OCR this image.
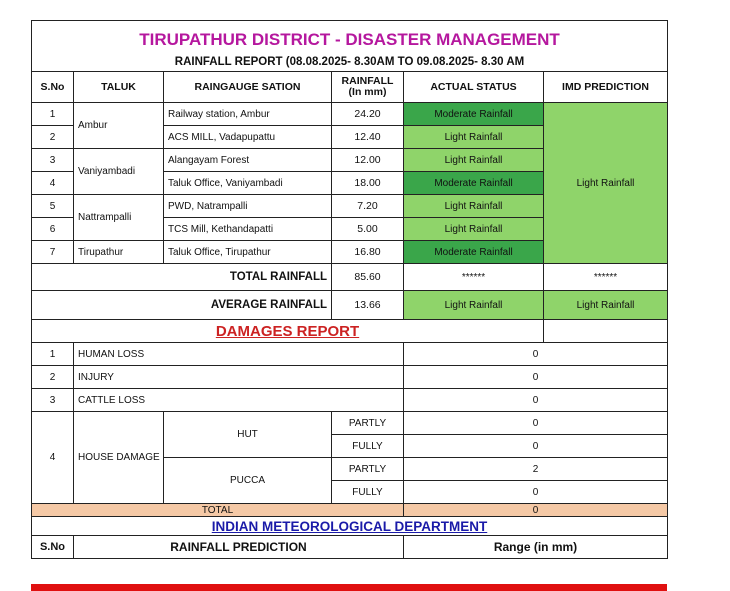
TIRUPATHUR DISTRICT - DISASTER MANAGEMENT					
RAINFALL REPORT (08.08.2025- 8.30AM TO 09.08.2025- 8.30 AM					
S.No	TALUK	RAINGAUGE SATION	RAINFALL (In mm)	ACTUAL STATUS	IMD PREDICTION
1	Ambur	Railway station, Ambur	24.20	Moderate Rainfall	Light Rainfall
2		ACS MILL, Vadapupattu	12.40	Light Rainfall	
3	Vaniyambadi	Alangayam Forest	12.00	Light Rainfall	
4		Taluk Office, Vaniyambadi	18.00	Moderate Rainfall	
5	Nattrampalli	PWD, Natrampalli	7.20	Light Rainfall	
6		TCS Mill, Kethandapatti	5.00	Light Rainfall	
7	Tirupathur	Taluk Office, Tirupathur	16.80	Moderate Rainfall	
TOTAL RAINFALL			85.60	******	******
AVERAGE RAINFALL			13.66	Light Rainfall	Light Rainfall
DAMAGES REPORT					
1	HUMAN LOSS			0	
2	INJURY			0	
3	CATTLE LOSS			0	
4	HOUSE DAMAGE	HUT	PARTLY	0	
			FULLY	0	
		PUCCA	PARTLY	2	
			FULLY	0	
TOTAL				0	
INDIAN METEOROLOGICAL DEPARTMENT					
S.No	RAINFALL PREDICTION			Range (in mm)	
